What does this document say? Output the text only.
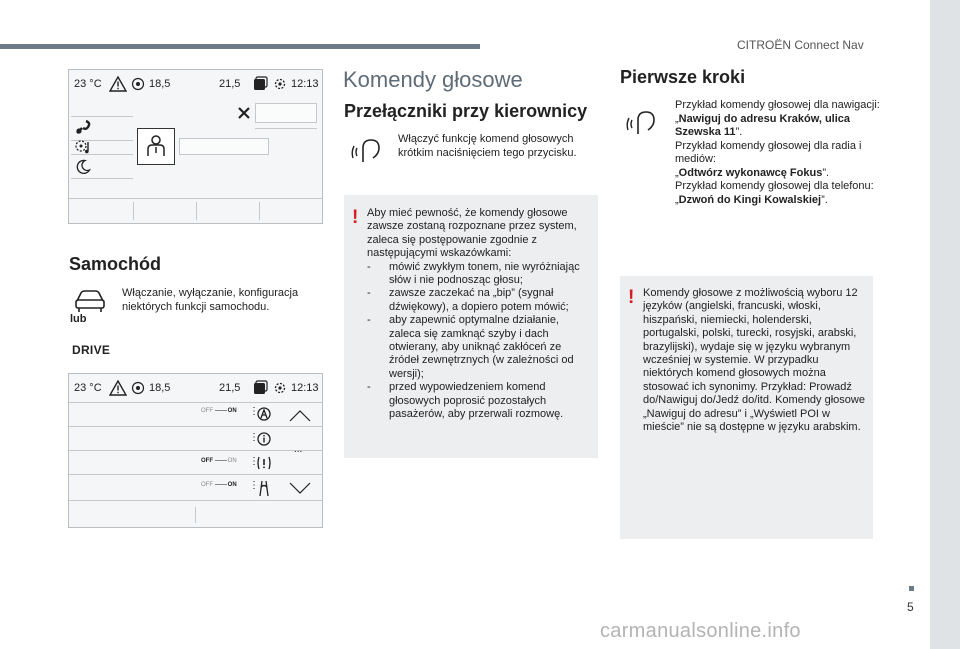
CITROËN Connect Nav
5
23 °C	18,5	21,5	12:13
Samochód
lub
Włączanie, wyłączanie, konfiguracja niektórych funkcji samochodu.
DRIVE
23 °C	18,5	21,5	12:13
OFF ON ⋮
⋮
...
OFF ON ⋮
OFF ON ⋮
Komendy głosowe
Przełączniki przy kierownicy
Włączyć funkcję komend głosowych krótkim naciśnięciem tego przycisku.
! Aby mieć pewność, że komendy głosowe zawsze zostaną rozpoznane przez system, zaleca się postępowanie zgodnie z następującymi wskazówkami:
- mówić zwykłym tonem, nie wyróżniając słów i nie podnosząc głosu;
- zawsze zaczekać na „bip” (sygnał dźwiękowy), a dopiero potem mówić;
- aby zapewnić optymalne działanie, zaleca się zamknąć szyby i dach otwierany, aby uniknąć zakłóceń ze źródeł zewnętrznych (w zależności od wersji);
- przed wypowiedzeniem komend głosowych poprosić pozostałych pasażerów, aby przerwali rozmowę.
Pierwsze kroki
Przykład komendy głosowej dla nawigacji:
„Nawiguj do adresu Kraków, ulica Szewska 11”.
Przykład komendy głosowej dla radia i mediów:
„Odtwórz wykonawcę Fokus”.
Przykład komendy głosowej dla telefonu:
„Dzwoń do Kingi Kowalskiej”.
! Komendy głosowe z możliwością wyboru 12 języków (angielski, francuski, włoski, hiszpański, niemiecki, holenderski, portugalski, polski, turecki, rosyjski, arabski, brazylijski), wydaje się w języku wybranym wcześniej w systemie. W przypadku niektórych komend głosowych można stosować ich synonimy. Przykład: Prowadź do/Nawiguj do/Jedź do/itd. Komendy głosowe „Nawiguj do adresu” i „Wyświetl POI w mieście” nie są dostępne w języku arabskim.
carmanualsonline.info
